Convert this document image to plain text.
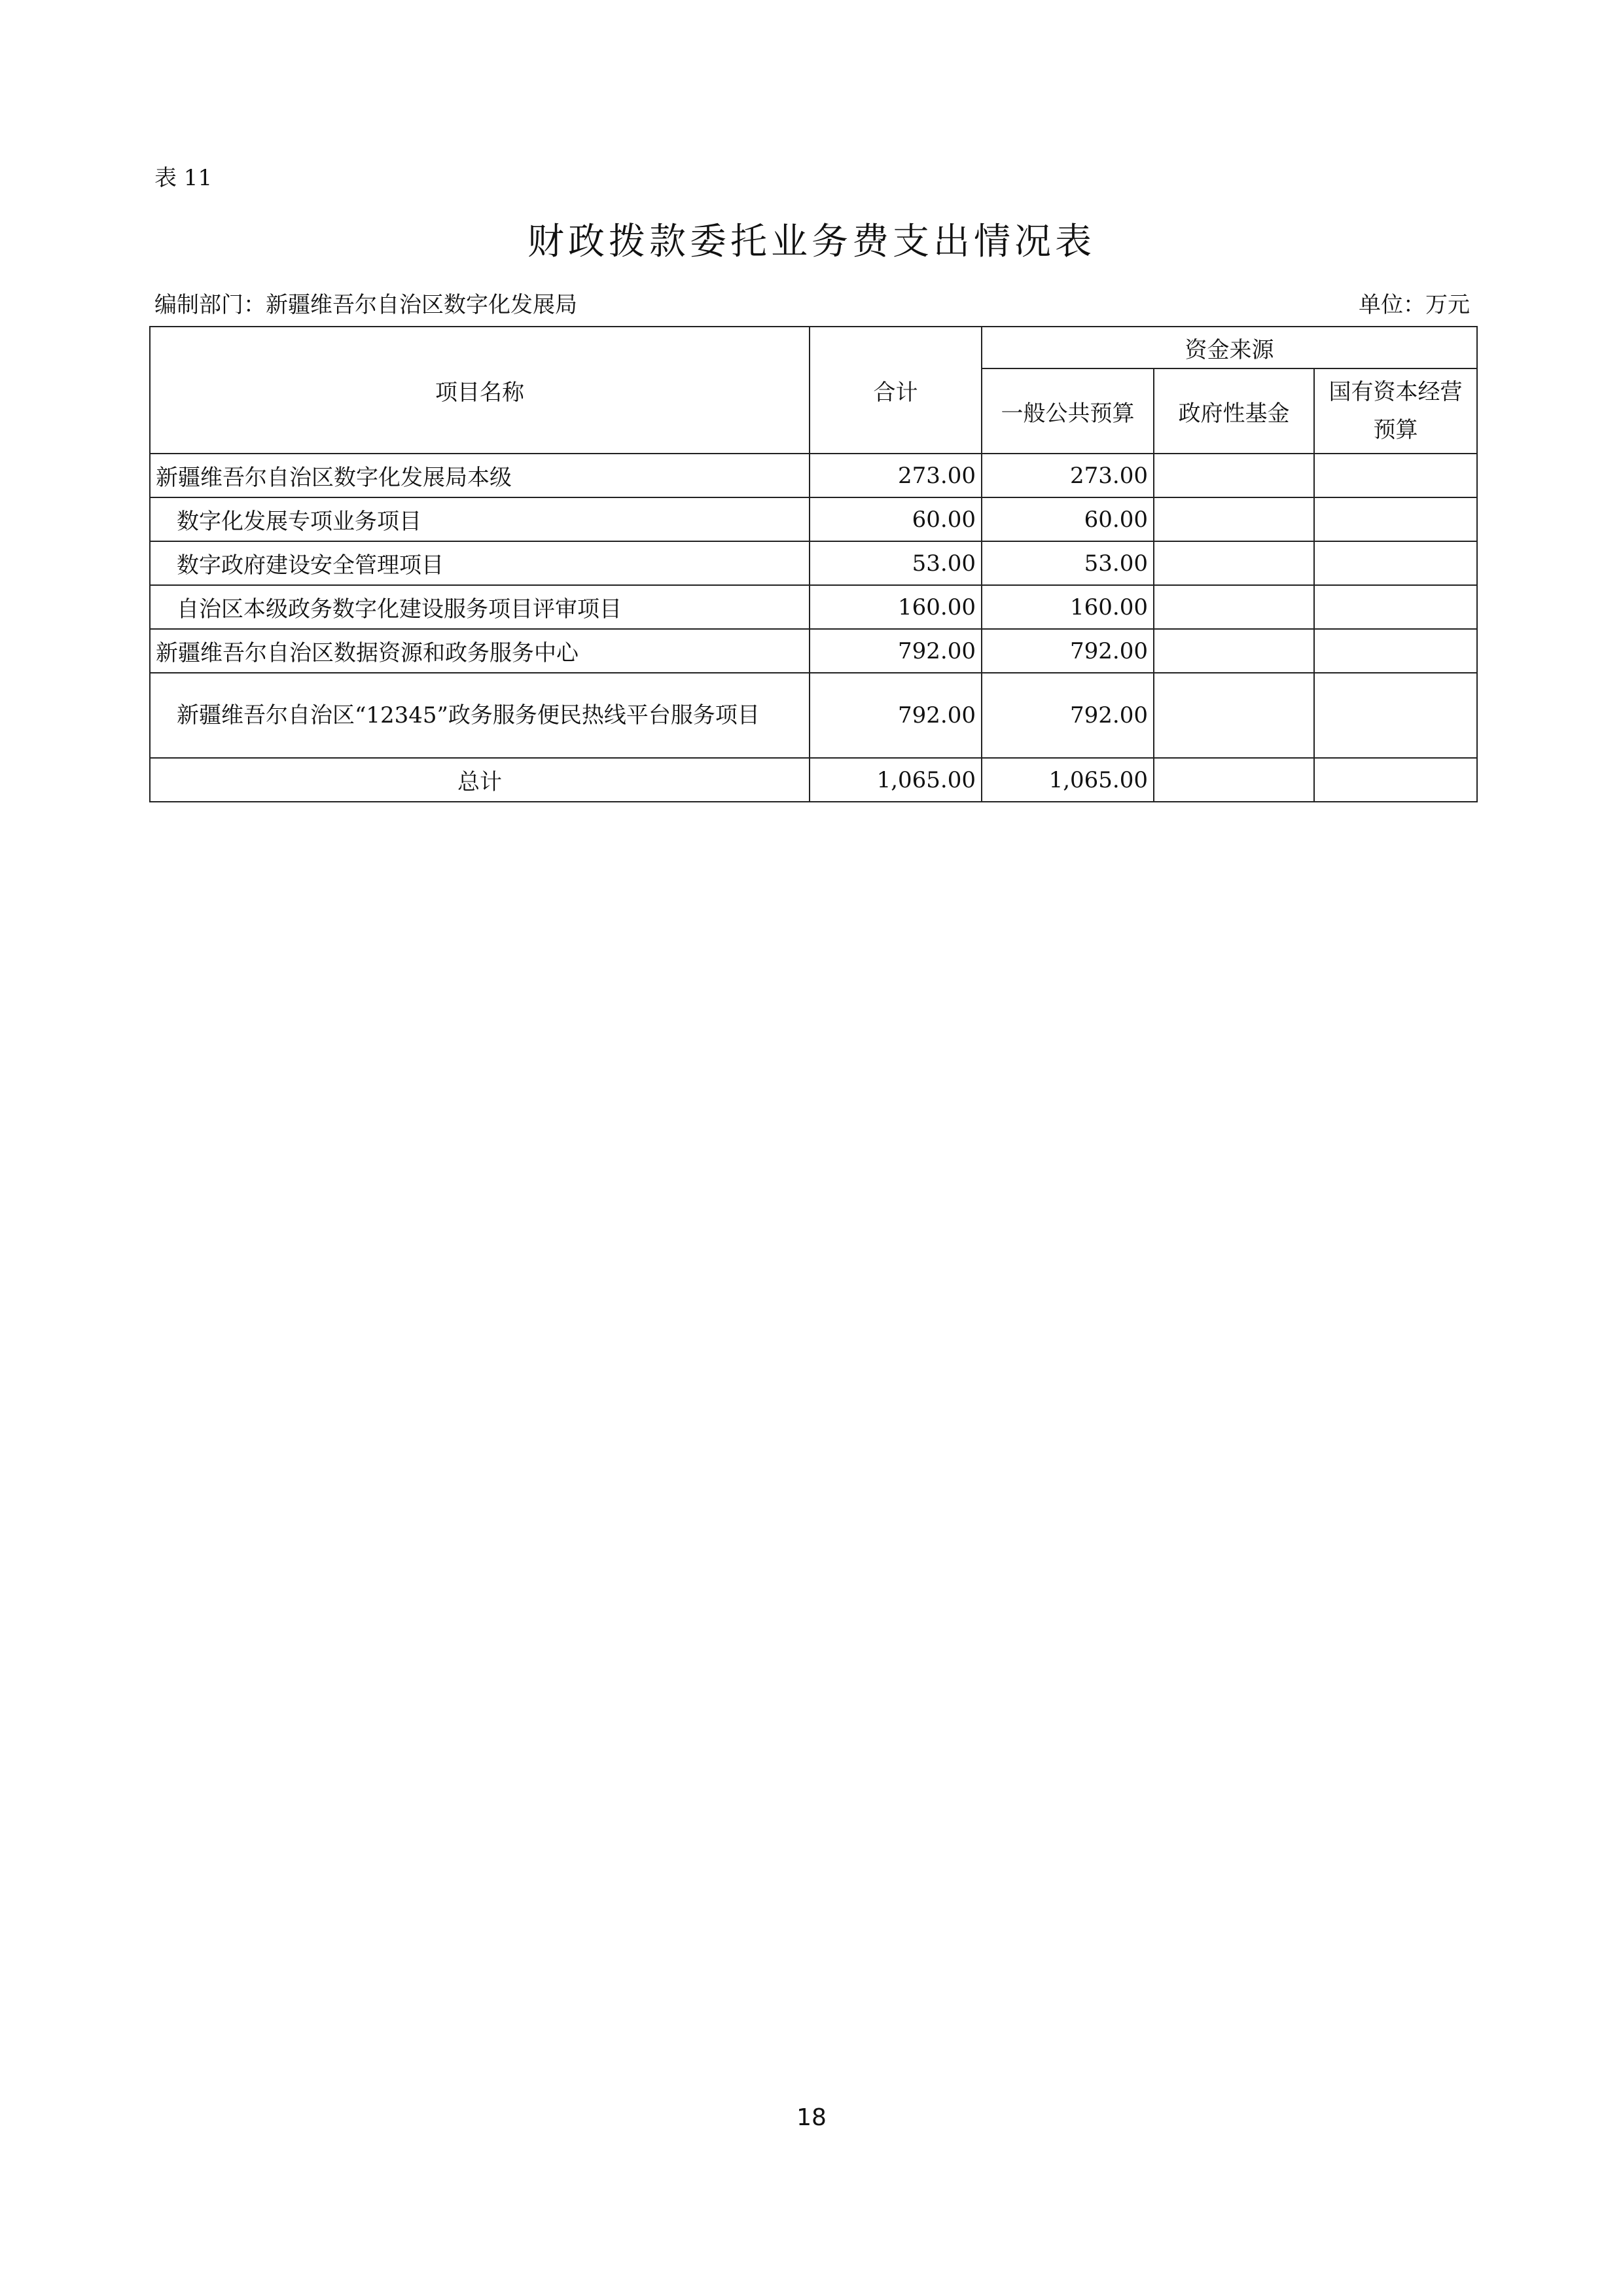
表 11
财政拨款委托业务费支出情况表
编制部门：新疆维吾尔自治区数字化发展局	单位：万元
项目名称	合计	资金来源		
		一般公共预算	政府性基金	国有资本经营
预算
新疆维吾尔自治区数字化发展局本级	273.00	273.00		
数字化发展专项业务项目	60.00	60.00		
数字政府建设安全管理项目	53.00	53.00		
自治区本级政务数字化建设服务项目评审项目	160.00	160.00		
新疆维吾尔自治区数据资源和政务服务中心	792.00	792.00		
新疆维吾尔自治区“12345”政务服务便民热线平台服务项目	792.00	792.00		
总计	1,065.00	1,065.00		
18
